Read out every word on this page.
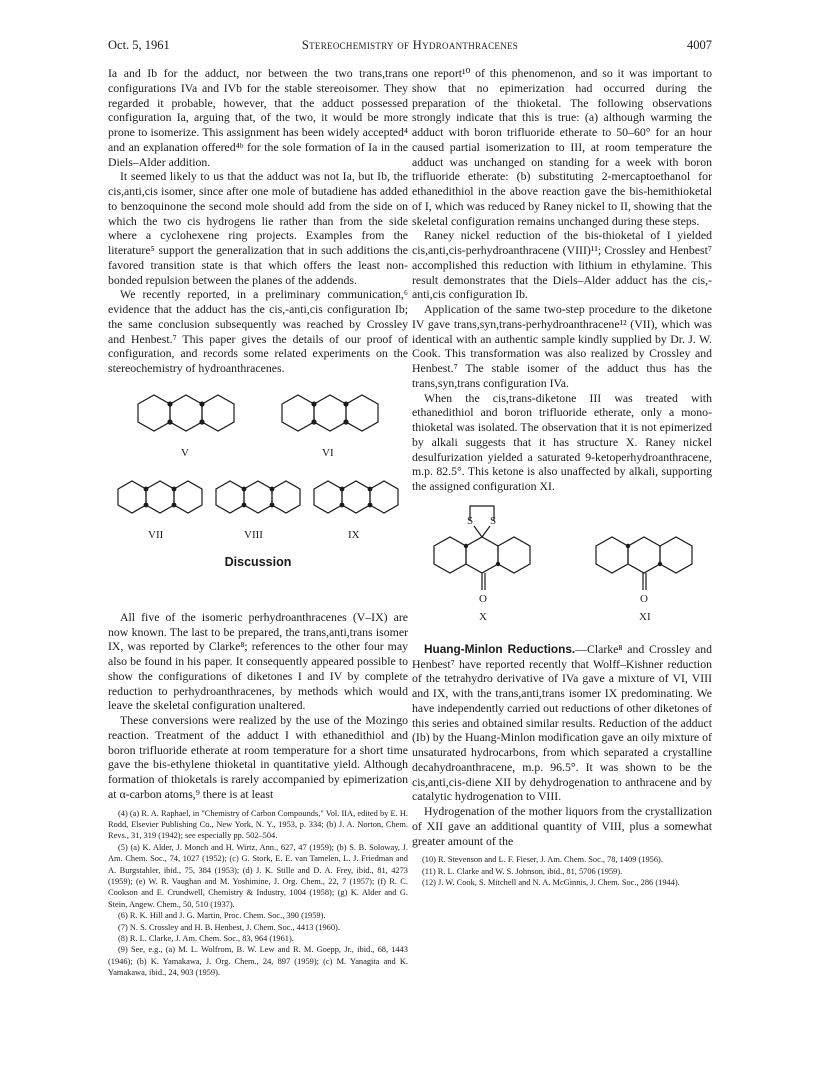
Oct. 5, 1961	Stereochemistry of Hydroanthracenes	4007

Ia and Ib for the adduct, nor between the two trans,trans configurations IVa and IVb for the stable stereoisomer. They regarded it probable, however, that the adduct possessed configuration Ia, arguing that, of the two, it would be more prone to isomerize. This assignment has been widely accepted⁴ and an explanation offered⁴ᵇ for the sole formation of Ia in the Diels–Alder addition.

It seemed likely to us that the adduct was not Ia, but Ib, the cis,anti,cis isomer, since after one mole of butadiene has added to benzoquinone the second mole should add from the side on which the two cis hydrogens lie rather than from the side where a cyclohexene ring projects. Examples from the literature⁵ support the generalization that in such additions the favored transition state is that which offers the least non-bonded repulsion between the planes of the addends.

We recently reported, in a preliminary communication,⁶ evidence that the adduct has the cis,-anti,cis configuration Ib; the same conclusion subsequently was reached by Crossley and Henbest.⁷ This paper gives the details of our proof of configuration, and records some related experiments on the stereochemistry of hydroanthracenes.

V	VI
VII	VIII	IX
Discussion

All five of the isomeric perhydroanthracenes (V–IX) are now known. The last to be prepared, the trans,anti,trans isomer IX, was reported by Clarke⁸; references to the other four may also be found in his paper. It consequently appeared possible to show the configurations of diketones I and IV by complete reduction to perhydroanthracenes, by methods which would leave the skeletal configuration unaltered.

These conversions were realized by the use of the Mozingo reaction. Treatment of the adduct I with ethanedithiol and boron trifluoride etherate at room temperature for a short time gave the bis-ethylene thioketal in quantitative yield. Although formation of thioketals is rarely accompanied by epimerization at α-carbon atoms,⁹ there is at least

(4) (a) R. A. Raphael, in "Chemistry of Carbon Compounds," Vol. IIA, edited by E. H. Rodd, Elsevier Publishing Co., New York, N. Y., 1953, p. 334; (b) J. A. Norton, Chem. Revs., 31, 319 (1942); see especially pp. 502–504.
(5) (a) K. Alder, J. Monch and H. Wirtz, Ann., 627, 47 (1959); (b) S. B. Soloway, J. Am. Chem. Soc., 74, 1027 (1952); (c) G. Stork, E. E. van Tamelen, L. J. Friedman and A. Burgstahler, ibid., 75, 384 (1953); (d) J. K. Stille and D. A. Frey, ibid., 81, 4273 (1959); (e) W. R. Vaughan and M. Yoshimine, J. Org. Chem., 22, 7 (1957); (f) R. C. Cookson and E. Crundwell, Chemistry & Industry, 1004 (1958); (g) K. Alder and G. Stein, Angew. Chem., 50, 510 (1937).
(6) R. K. Hill and J. G. Martin, Proc. Chem. Soc., 390 (1959).
(7) N. S. Crossley and H. B. Henbest, J. Chem. Soc., 4413 (1960).
(8) R. L. Clarke, J. Am. Chem. Soc., 83, 964 (1961).
(9) See, e.g., (a) M. L. Wolfrom, B. W. Lew and R. M. Goepp, Jr., ibid., 68, 1443 (1946); (b) K. Yamakawa, J. Org. Chem., 24, 897 (1959); (c) M. Yanagita and K. Yamakawa, ibid., 24, 903 (1959).

one report¹⁰ of this phenomenon, and so it was important to show that no epimerization had occurred during the preparation of the thioketal. The following observations strongly indicate that this is true: (a) although warming the adduct with boron trifluoride etherate to 50–60° for an hour caused partial isomerization to III, at room temperature the adduct was unchanged on standing for a week with boron trifluoride etherate: (b) substituting 2-mercaptoethanol for ethanedithiol in the above reaction gave the bis-hemithioketal of I, which was reduced by Raney nickel to II, showing that the skeletal configuration remains unchanged during these steps.

Raney nickel reduction of the bis-thioketal of I yielded cis,anti,cis-perhydroanthracene (VIII)¹¹; Crossley and Henbest⁷ accomplished this reduction with lithium in ethylamine. This result demonstrates that the Diels–Alder adduct has the cis,-anti,cis configuration Ib.

Application of the same two-step procedure to the diketone IV gave trans,syn,trans-perhydroanthracene¹² (VII), which was identical with an authentic sample kindly supplied by Dr. J. W. Cook. This transformation was also realized by Crossley and Henbest.⁷ The stable isomer of the adduct thus has the trans,syn,trans configuration IVa.

When the cis,trans-diketone III was treated with ethanedithiol and boron trifluoride etherate, only a mono-thioketal was isolated. The observation that it is not epimerized by alkali suggests that it has structure X. Raney nickel desulfurization yielded a saturated 9-ketoperhydroanthracene, m.p. 82.5°. This ketone is also unaffected by alkali, supporting the assigned configuration XI.

S S
O	O
X	XI

Huang-Minlon Reductions.—Clarke⁸ and Crossley and Henbest⁷ have reported recently that Wolff–Kishner reduction of the tetrahydro derivative of IVa gave a mixture of VI, VIII and IX, with the trans,anti,trans isomer IX predominating. We have independently carried out reductions of other diketones of this series and obtained similar results. Reduction of the adduct (Ib) by the Huang-Minlon modification gave an oily mixture of unsaturated hydrocarbons, from which separated a crystalline decahydroanthracene, m.p. 96.5°. It was shown to be the cis,anti,cis-diene XII by dehydrogenation to anthracene and by catalytic hydrogenation to VIII.

Hydrogenation of the mother liquors from the crystallization of XII gave an additional quantity of VIII, plus a somewhat greater amount of the

(10) R. Stevenson and L. F. Fieser, J. Am. Chem. Soc., 78, 1409 (1956).
(11) R. L. Clarke and W. S. Johnson, ibid., 81, 5706 (1959).
(12) J. W. Cook, S. Mitchell and N. A. McGinnis, J. Chem. Soc., 286 (1944).
